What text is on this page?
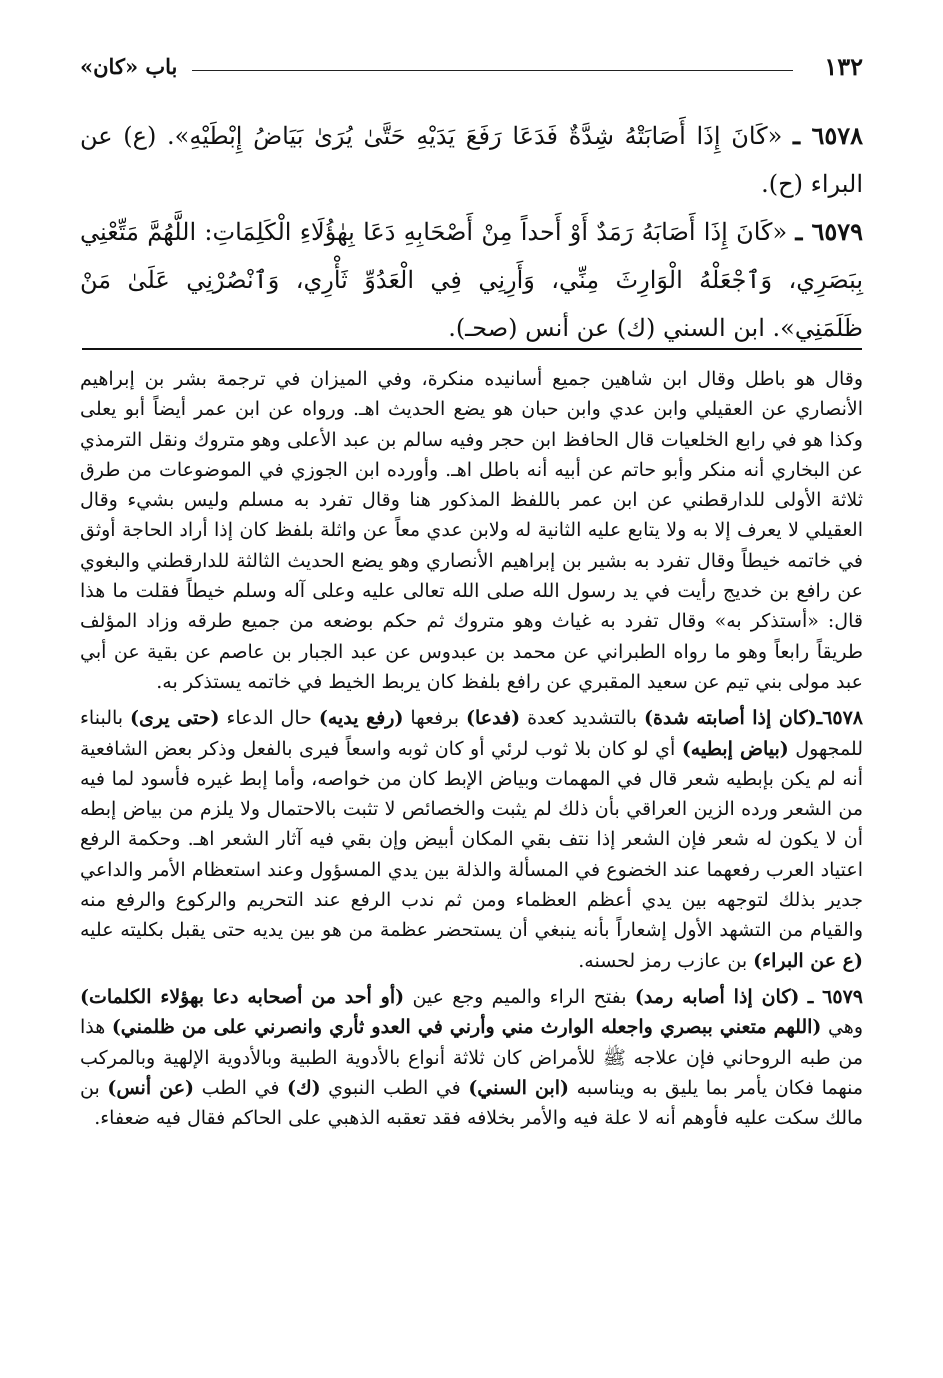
١٣٢
باب «كان»

٦٥٧٨ ـ «كَانَ إِذَا أَصَابَتْهُ شِدَّةٌ فَدَعَا رَفَعَ يَدَيْهِ حَتَّىٰ يُرَىٰ بَيَاضُ إِبْطَيْهِ». (ع) عن البراء (ح).

٦٥٧٩ ـ «كَانَ إِذَا أَصَابَهُ رَمَدٌ أَوْ أَحداً مِنْ أَصْحَابِهِ دَعَا بِهٰؤُلَاءِ الْكَلِمَاتِ: اللَّهُمَّ مَتِّعْنِي بِبَصَرِي، وَٱجْعَلْهُ الْوَارِثَ مِنِّي، وَأَرِنِي فِي الْعَدُوِّ ثَأْرِي، وَٱنْصُرْنِي عَلَىٰ مَنْ ظَلَمَنِي». ابن السني (ك) عن أنس (صحـ).

وقال هو باطل وقال ابن شاهين جميع أسانيده منكرة، وفي الميزان في ترجمة بشر بن إبراهيم الأنصاري عن العقيلي وابن عدي وابن حبان هو يضع الحديث اهـ. ورواه عن ابن عمر أيضاً أبو يعلى وكذا هو في رابع الخلعيات قال الحافظ ابن حجر وفيه سالم بن عبد الأعلى وهو متروك ونقل الترمذي عن البخاري أنه منكر وأبو حاتم عن أبيه أنه باطل اهـ. وأورده ابن الجوزي في الموضوعات من طرق ثلاثة الأولى للدارقطني عن ابن عمر باللفظ المذكور هنا وقال تفرد به مسلم وليس بشيء وقال العقيلي لا يعرف إلا به ولا يتابع عليه الثانية له ولابن عدي معاً عن واثلة بلفظ كان إذا أراد الحاجة أوثق في خاتمه خيطاً وقال تفرد به بشير بن إبراهيم الأنصاري وهو يضع الحديث الثالثة للدارقطني والبغوي عن رافع بن خديج رأيت في يد رسول الله صلى الله تعالى عليه وعلى آله وسلم خيطاً فقلت ما هذا قال: «أستذكر به» وقال تفرد به غياث وهو متروك ثم حكم بوضعه من جميع طرقه وزاد المؤلف طريقاً رابعاً وهو ما رواه الطبراني عن محمد بن عبدوس عن عبد الجبار بن عاصم عن بقية عن أبي عبد مولى بني تيم عن سعيد المقبري عن رافع بلفظ كان يربط الخيط في خاتمه يستذكر به.

٦٥٧٨ـ(كان إذا أصابته شدة) بالتشديد كعدة (فدعا) برفعها (رفع يديه) حال الدعاء (حتى يرى) بالبناء للمجهول (بياض إبطيه) أي لو كان بلا ثوب لرئي أو كان ثوبه واسعاً فيرى بالفعل وذكر بعض الشافعية أنه لم يكن بإبطيه شعر قال في المهمات وبياض الإبط كان من خواصه، وأما إبط غيره فأسود لما فيه من الشعر ورده الزين العراقي بأن ذلك لم يثبت والخصائص لا تثبت بالاحتمال ولا يلزم من بياض إبطه أن لا يكون له شعر فإن الشعر إذا نتف بقي المكان أبيض وإن بقي فيه آثار الشعر اهـ. وحكمة الرفع اعتياد العرب رفعهما عند الخضوع في المسألة والذلة بين يدي المسؤول وعند استعظام الأمر والداعي جدير بذلك لتوجهه بين يدي أعظم العظماء ومن ثم ندب الرفع عند التحريم والركوع والرفع منه والقيام من التشهد الأول إشعاراً بأنه ينبغي أن يستحضر عظمة من هو بين يديه حتى يقبل بكليته عليه (ع عن البراء) بن عازب رمز لحسنه.

٦٥٧٩ ـ (كان إذا أصابه رمد) بفتح الراء والميم وجع عين (أو أحد من أصحابه دعا بهؤلاء الكلمات) وهي (اللهم متعني ببصري واجعله الوارث مني وأرني في العدو ثأري وانصرني على من ظلمني) هذا من طبه الروحاني فإن علاجه ﷺ للأمراض كان ثلاثة أنواع بالأدوية الطبية وبالأدوية الإلهية وبالمركب منهما فكان يأمر بما يليق به ويناسبه (ابن السني) في الطب النبوي (ك) في الطب (عن أنس) بن مالك سكت عليه فأوهم أنه لا علة فيه والأمر بخلافه فقد تعقبه الذهبي على الحاكم فقال فيه ضعفاء.
